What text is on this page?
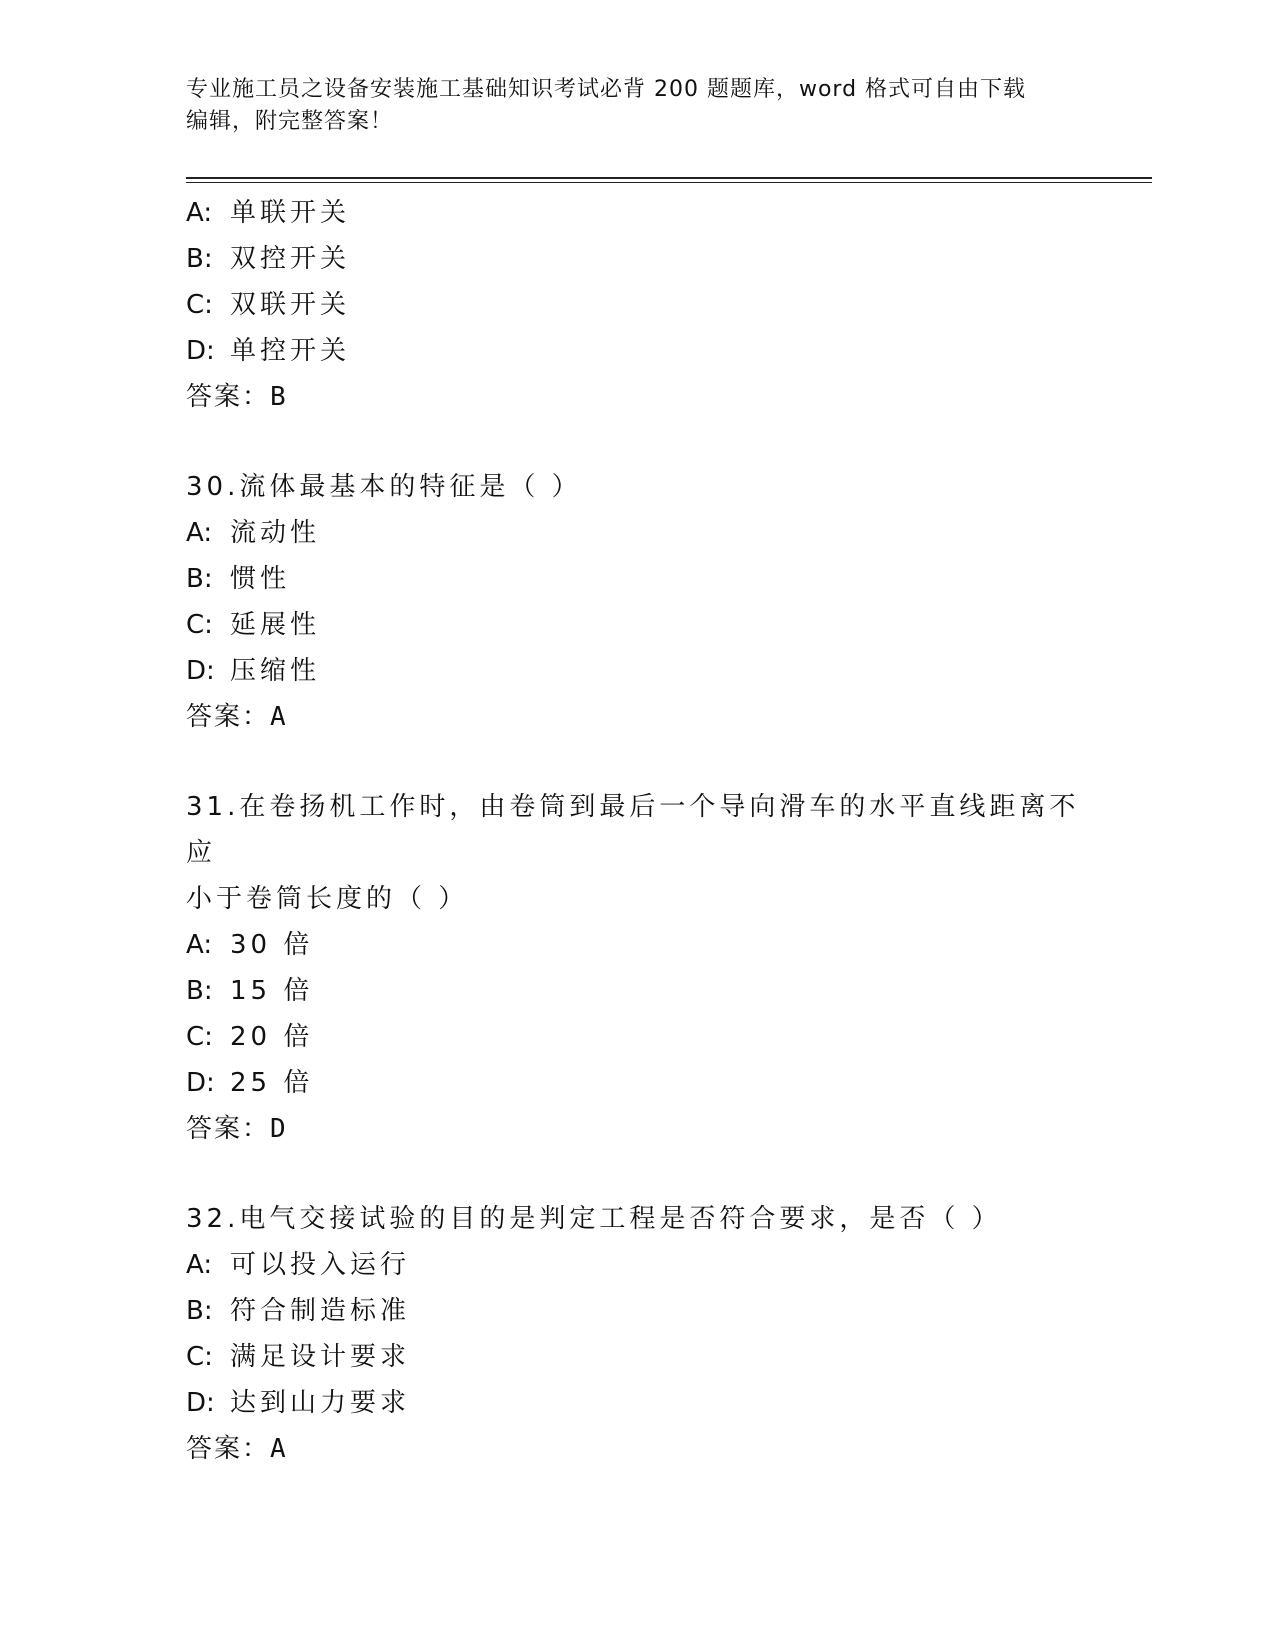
专业施工员之设备安装施工基础知识考试必背 200 题题库，word 格式可自由下载
编辑，附完整答案！
A: 单联开关
B: 双控开关
C: 双联开关
D: 单控开关
答案：B
30.流体最基本的特征是（ ）
A: 流动性
B: 惯性
C: 延展性
D: 压缩性
答案：A
31.在卷扬机工作时，由卷筒到最后一个导向滑车的水平直线距离不应
小于卷筒长度的（ ）
A: 30 倍
B: 15 倍
C: 20 倍
D: 25 倍
答案：D
32.电气交接试验的目的是判定工程是否符合要求，是否（ ）
A: 可以投入运行
B: 符合制造标准
C: 满足设计要求
D: 达到山力要求
答案：A
